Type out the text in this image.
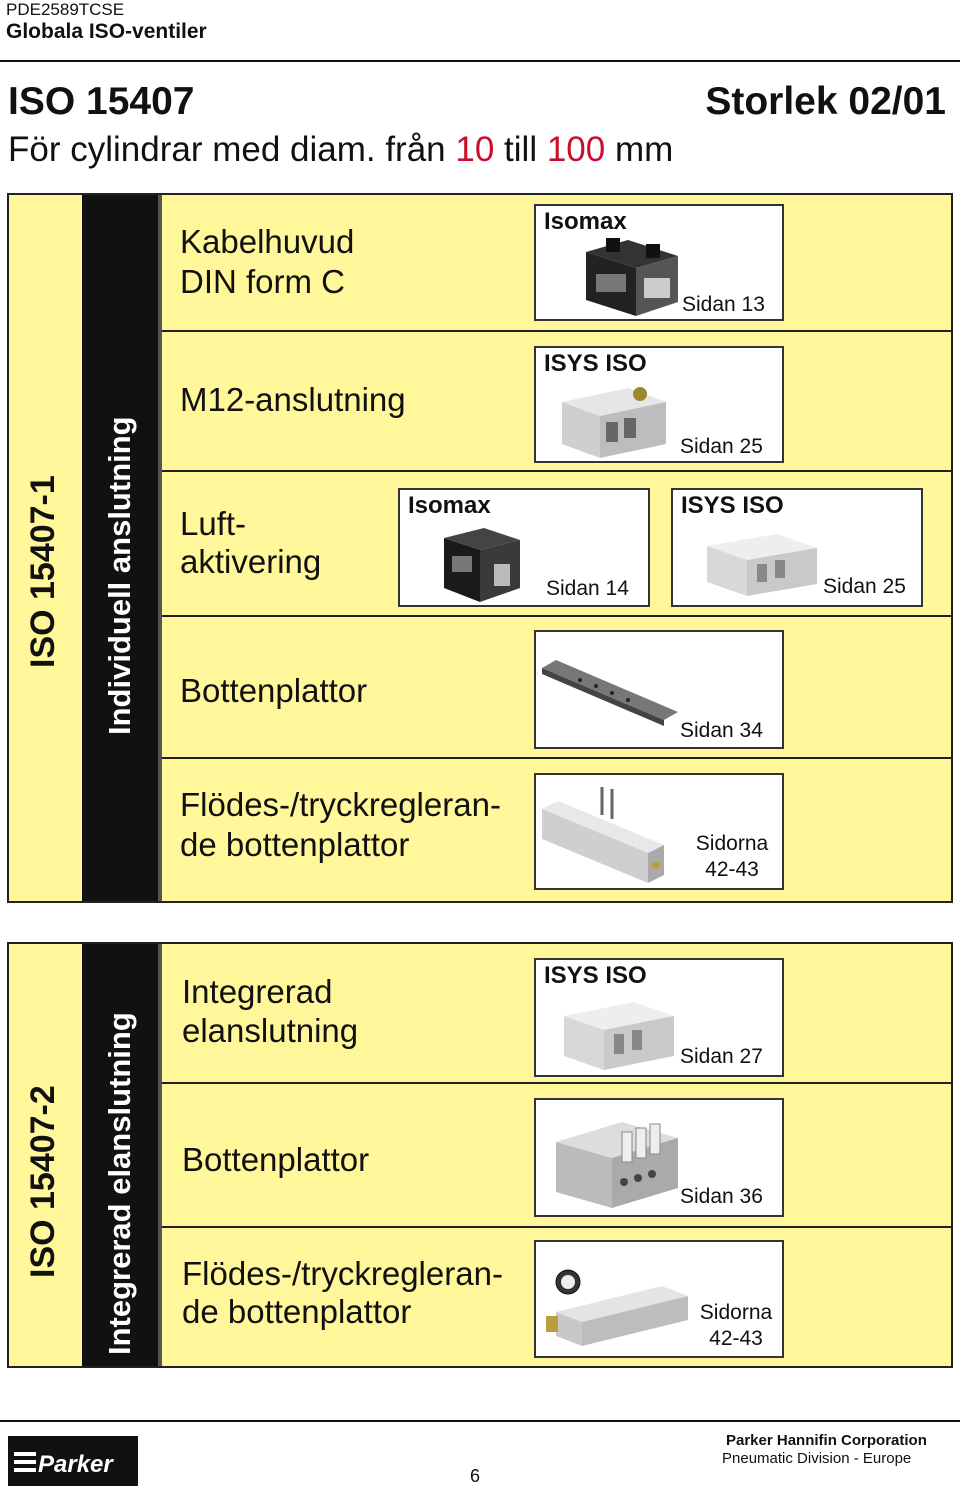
PDE2589TCSE
Globala ISO-ventiler
ISO 15407	Storlek 02/01
För cylindrar med diam. från 10 till 100 mm
ISO 15407-1 Individuell anslutning
Kabelhuvud
DIN form C
M12-anslutning
Luft-
aktivering
Bottenplattor
Flödes-/tryckregleran-
de bottenplattor
Isomax
Sidan 13
ISYS ISO
Sidan 25
Isomax
Sidan 14
ISYS ISO
Sidan 25
Sidan 34
Sidorna
42-43
ISO 15407-2 Integrerad elanslutning
Integrerad
elanslutning
Bottenplattor
Flödes-/tryckregleran-
de bottenplattor
ISYS ISO
Sidan 27
Sidan 36
Sidorna
42-43
Parker	6
Parker Hannifin Corporation
Pneumatic Division - Europe
